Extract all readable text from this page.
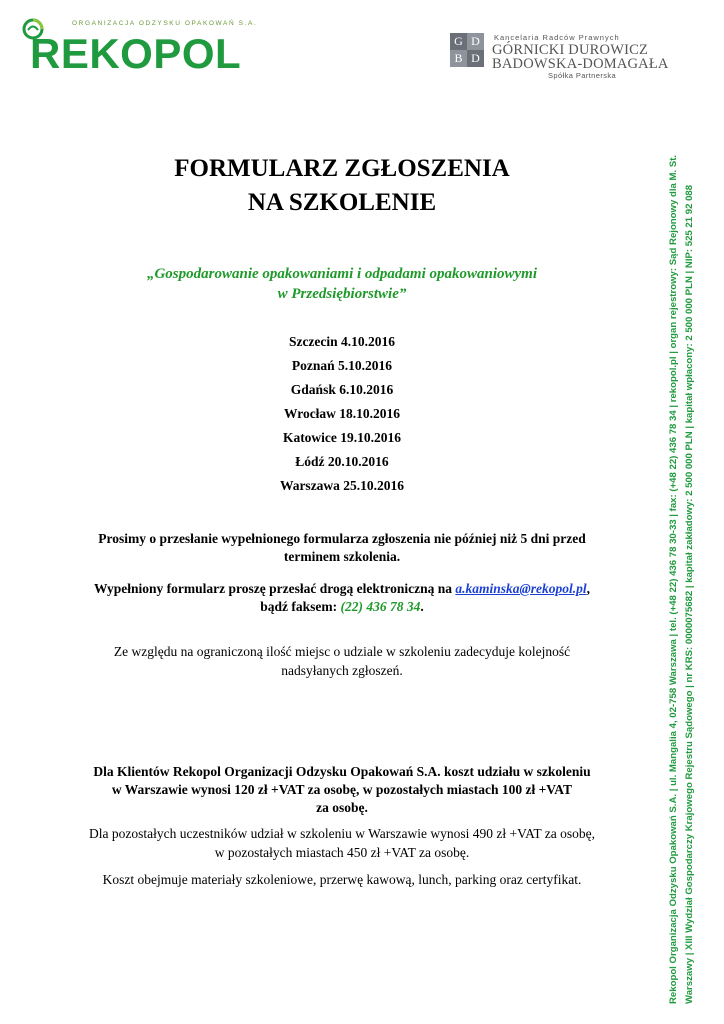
ORGANIZACJA ODZYSKU OPAKOWAŃ S.A.
REKOPOL	G D
B D
Kancelaria Radców Prawnych
GÓRNICKI DUROWICZ
BADOWSKA-DOMAGAŁA
Spółka Partnerska
FORMULARZ ZGŁOSZENIA
NA SZKOLENIE
„Gospodarowanie opakowaniami i odpadami opakowaniowymi
w Przedsiębiorstwie”
Szczecin 4.10.2016
Poznań 5.10.2016
Gdańsk 6.10.2016
Wrocław 18.10.2016
Katowice 19.10.2016
Łódź 20.10.2016
Warszawa 25.10.2016
Prosimy o przesłanie wypełnionego formularza zgłoszenia nie później niż 5 dni przed
terminem szkolenia.
Wypełniony formularz proszę przesłać drogą elektroniczną na a.kaminska@rekopol.pl,
bądź faksem: (22) 436 78 34.
Ze względu na ograniczoną ilość miejsc o udziale w szkoleniu zadecyduje kolejność
nadsyłanych zgłoszeń.
Dla Klientów Rekopol Organizacji Odzysku Opakowań S.A. koszt udziału w szkoleniu
w Warszawie wynosi 120 zł +VAT za osobę, w pozostałych miastach 100 zł +VAT
za osobę.
Dla pozostałych uczestników udział w szkoleniu w Warszawie wynosi 490 zł +VAT za osobę,
w pozostałych miastach 450 zł +VAT za osobę.
Koszt obejmuje materiały szkoleniowe, przerwę kawową, lunch, parking oraz certyfikat.	Rekopol Organizacja Odzysku Opakowań S.A. | ul. Mangalia 4, 02-758 Warszawa | tel. (+48 22) 436 78 30-33 | fax: (+48 22) 436 78 34 | rekopol.pl | organ rejestrowy: Sąd Rejonowy dla M. St. Warszawy | XIII Wydział Gospodarczy Krajowego Rejestru Sądowego | nr KRS: 0000075682 | kapitał zakładowy: 2 500 000 PLN | kapitał wpłacony: 2 500 000 PLN | NIP: 525 21 92 088
